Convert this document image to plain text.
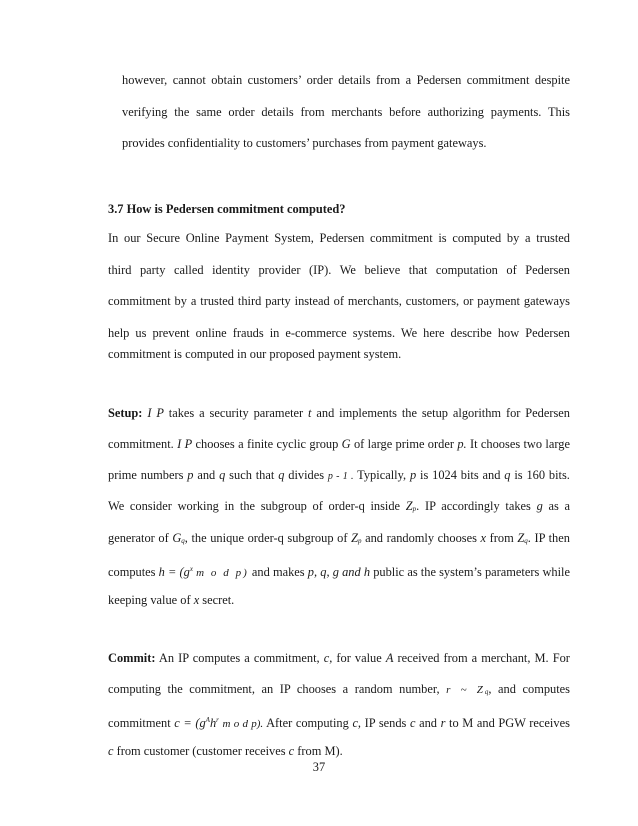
however, cannot obtain customers’ order details from a Pedersen commitment despite
verifying the same order details from merchants before authorizing payments. This
provides confidentiality to customers’ purchases from payment gateways.
3.7 How is Pedersen commitment computed?
In our Secure Online Payment System, Pedersen commitment is computed by a trusted
third party called identity provider (IP). We believe that computation of Pedersen
commitment by a trusted third party instead of merchants, customers, or payment gateways
help us prevent online frauds in e-commerce systems. We here describe how Pedersen
commitment is computed in our proposed payment system.
Setup: I P takes a security parameter t and implements the setup algorithm for Pedersen
commitment. I P chooses a finite cyclic group G of large prime order p. It chooses two large
prime numbers p and q such that q divides p - 1 . Typically, p is 1024 bits and q is 160 bits.
We consider working in the subgroup of order-q inside Zp. IP accordingly takes g as a
generator of Gq, the unique order-q subgroup of Zp and randomly chooses x from Zq. IP then
computes $h = (g^x$ m o d p) and makes p, q, g and h public as the system’s parameters while
keeping value of x secret.
Commit: An IP computes a commitment, c, for value A received from a merchant, M. For
computing the commitment, an IP chooses a random number, r ~ Zq, and computes
commitment $c = (g^Ah^r$ m o d p). After computing c, IP sends c and r to M and PGW receives
c from customer (customer receives c from M).
37
